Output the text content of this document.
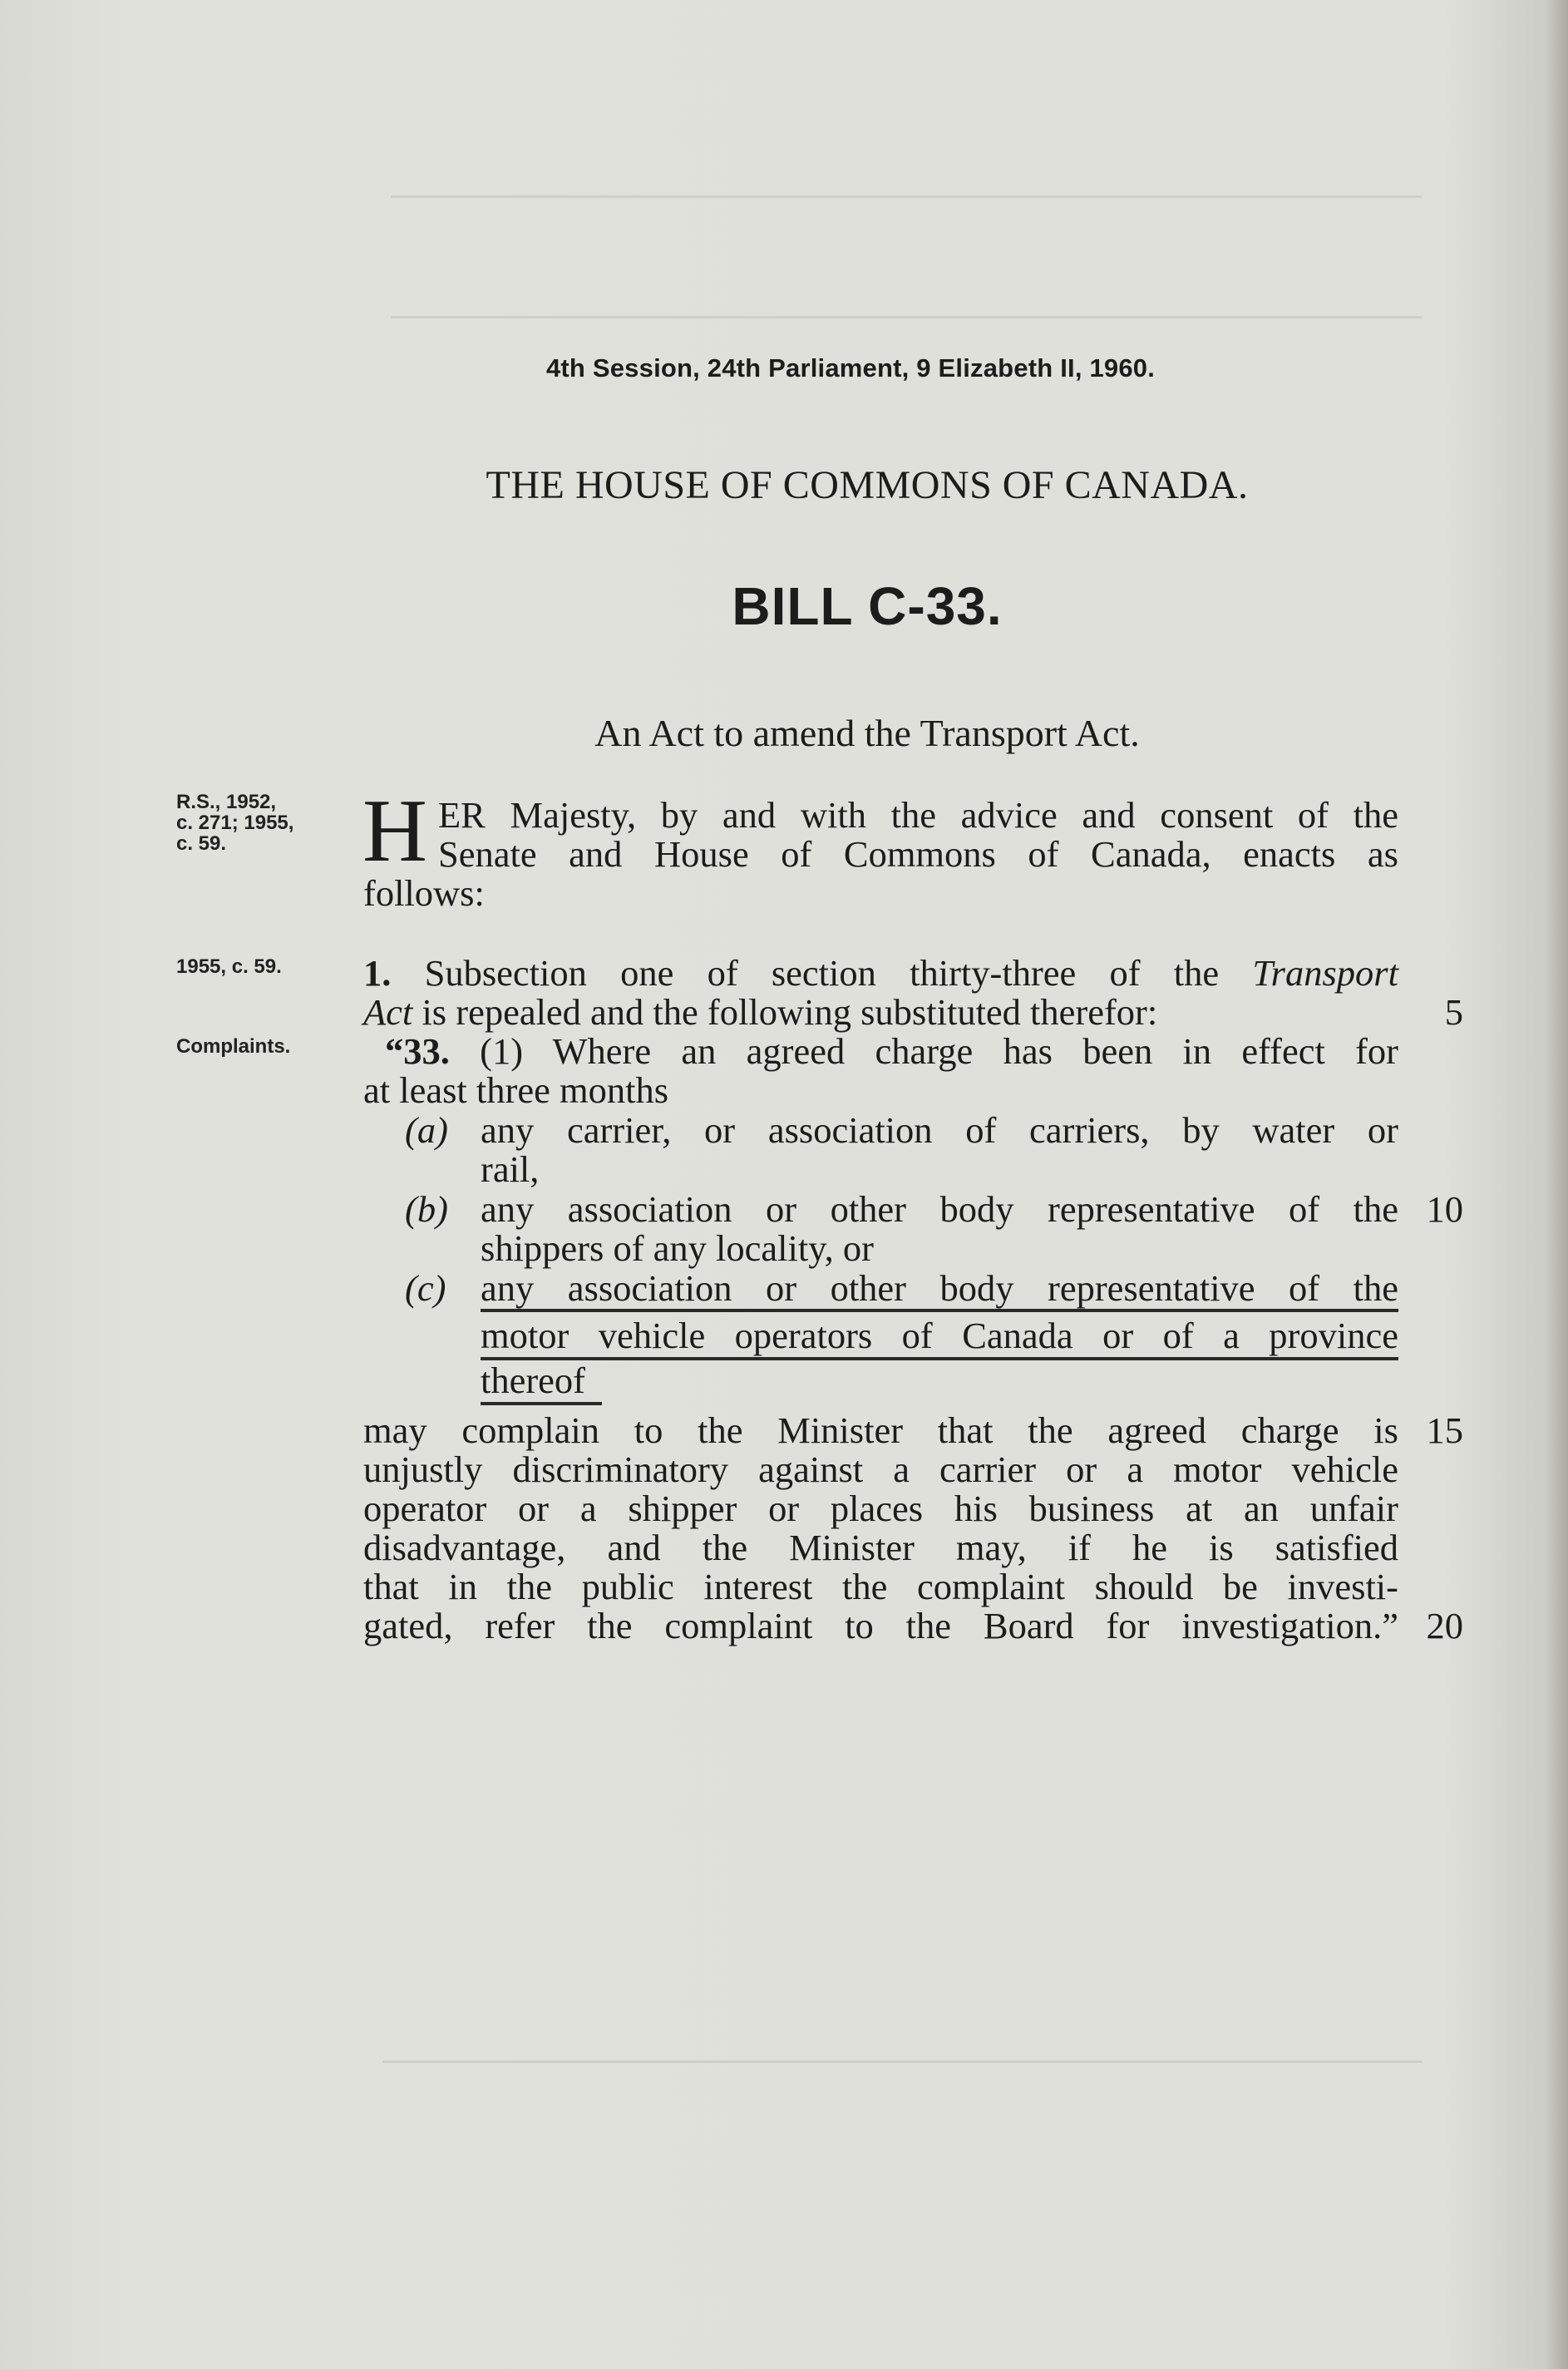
4th Session, 24th Parliament, 9 Elizabeth II, 1960.
THE HOUSE OF COMMONS OF CANADA.
BILL C-33.
An Act to amend the Transport Act.
R.S., 1952,
c. 271; 1955,
c. 59.
1955, c. 59.
Complaints.
H ER Majesty, by and with the advice and consent of the
Senate and House of Commons of Canada, enacts as
follows:
1. Subsection one of section thirty-three of the Transport
Act is repealed and the following substituted therefor:	5
“33. (1) Where an agreed charge has been in effect for
at least three months
(a) any carrier, or association of carriers, by water or
rail,
(b) any association or other body representative of the 10
shippers of any locality, or
(c) any association or other body representative of the
motor vehicle operators of Canada or of a province
thereof
may complain to the Minister that the agreed charge is 15
unjustly discriminatory against a carrier or a motor vehicle
operator or a shipper or places his business at an unfair
disadvantage, and the Minister may, if he is satisfied
that in the public interest the complaint should be investi-
gated, refer the complaint to the Board for investigation.” 20
